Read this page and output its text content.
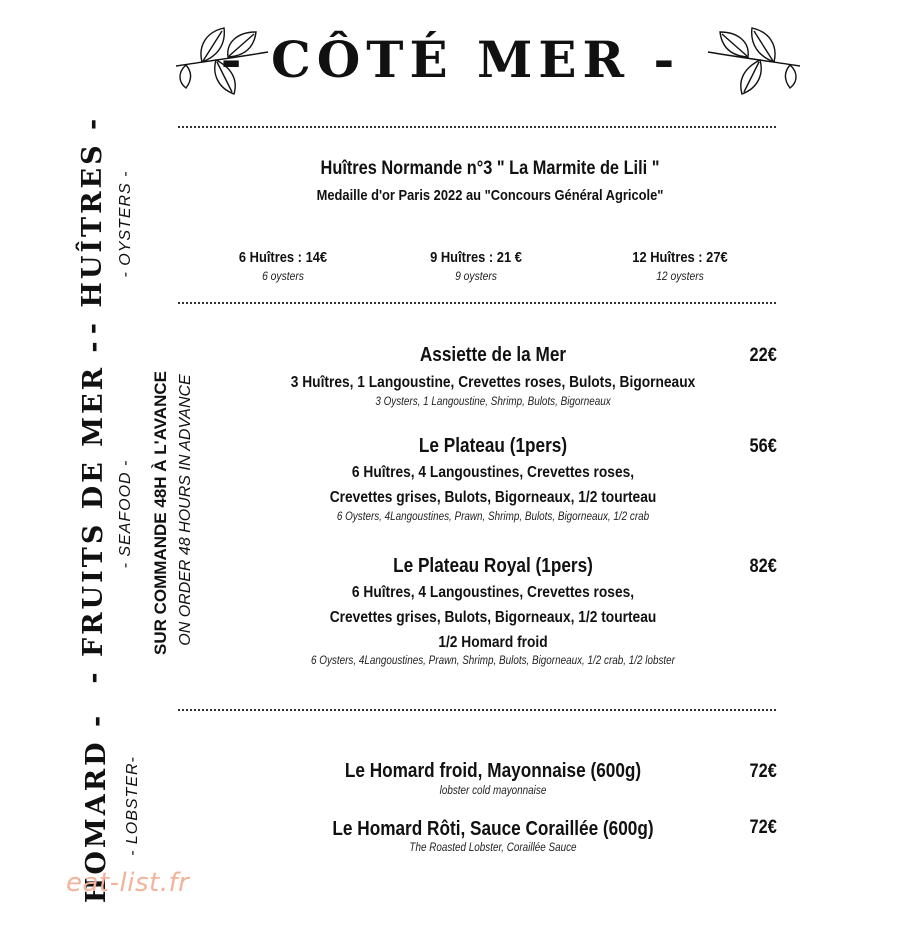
- CÔTÉ MER -
- HUÎTRES - - OYSTERS -
- FRUITS DE MER - - SEAFOOD - SUR COMMANDE 48H À L'AVANCE ON ORDER 48 HOURS IN ADVANCE
HOMARD - - LOBSTER-
Huîtres Normande n°3 " La Marmite de Lili "
Medaille d'or Paris 2022 au "Concours Général Agricole"
6 Huîtres : 14€
6 oysters
9 Huîtres : 21 €
9 oysters
12 Huîtres : 27€
12 oysters
Assiette de la Mer	22€
3 Huîtres, 1 Langoustine, Crevettes roses, Bulots, Bigorneaux
3 Oysters, 1 Langoustine, Shrimp, Bulots, Bigorneaux
Le Plateau (1pers)	56€
6 Huîtres, 4 Langoustines, Crevettes roses,
Crevettes grises, Bulots, Bigorneaux, 1/2 tourteau
6 Oysters, 4Langoustines, Prawn, Shrimp, Bulots, Bigorneaux, 1/2 crab
Le Plateau Royal (1pers)	82€
6 Huîtres, 4 Langoustines, Crevettes roses,
Crevettes grises, Bulots, Bigorneaux, 1/2 tourteau
1/2 Homard froid
6 Oysters, 4Langoustines, Prawn, Shrimp, Bulots, Bigorneaux, 1/2 crab, 1/2 lobster
Le Homard froid, Mayonnaise (600g)	72€
lobster cold mayonnaise
Le Homard Rôti, Sauce Coraillée (600g)	72€
The Roasted Lobster, Coraillée Sauce
eat-list.fr
